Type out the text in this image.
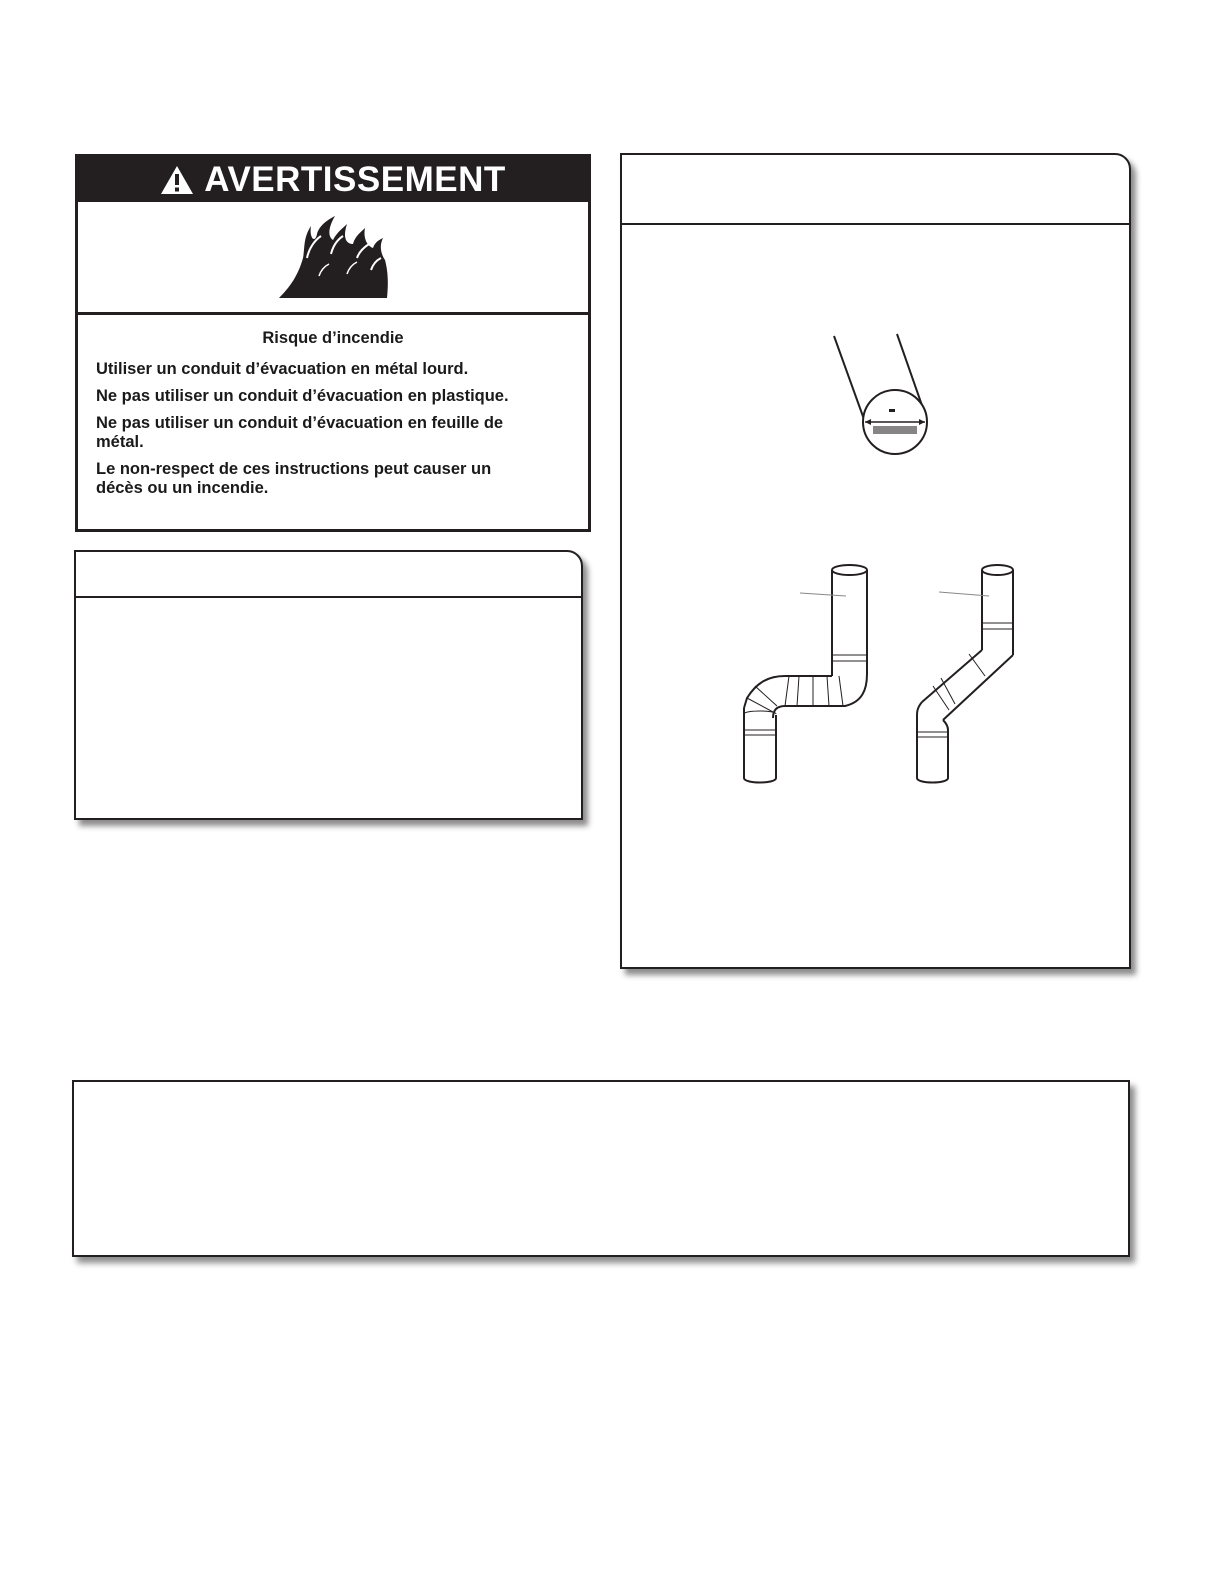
AVERTISSEMENT

Risque d’incendie

Utiliser un conduit d’évacuation en métal lourd.

Ne pas utiliser un conduit d’évacuation en plastique.

Ne pas utiliser un conduit d’évacuation en feuille de métal.

Le non-respect de ces instructions peut causer un décès ou un incendie.
